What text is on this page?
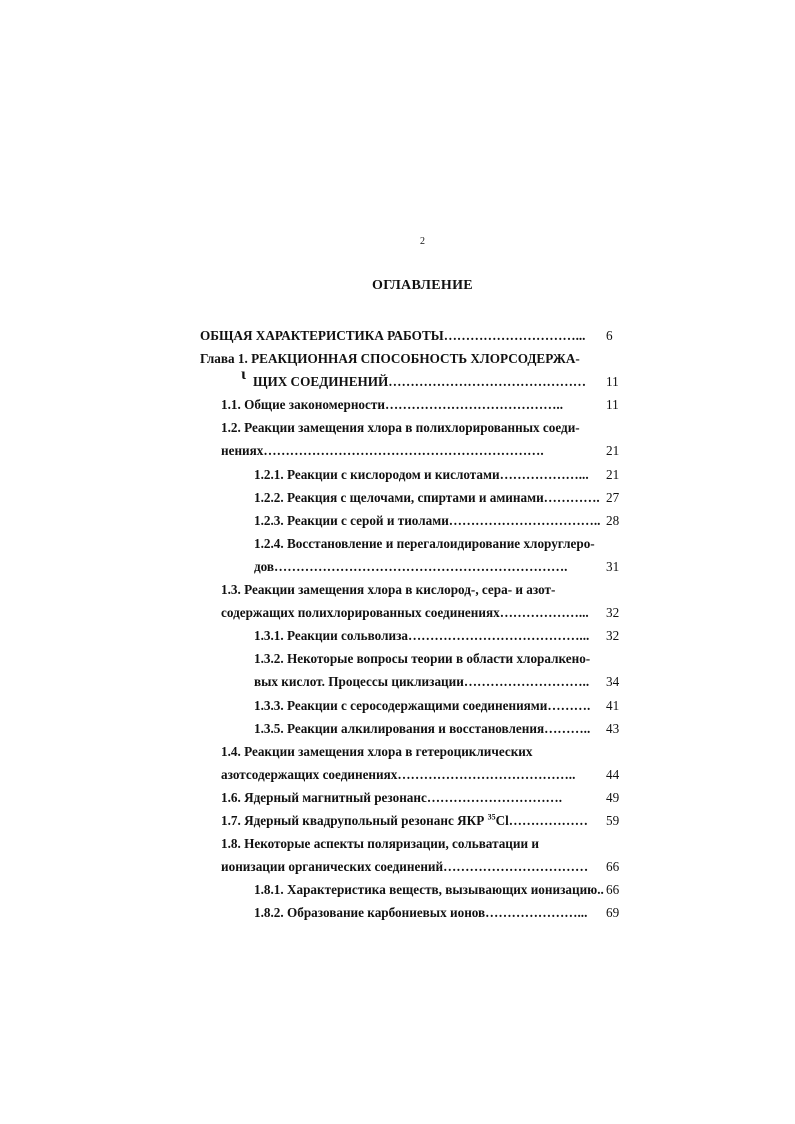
2
ОГЛАВЛЕНИЕ
ɩ
ОБЩАЯ ХАРАКТЕРИСТИКА РАБОТЫ…………………………... 6
Глава 1. РЕАКЦИОННАЯ СПОСОБНОСТЬ ХЛОРСОДЕРЖА-
ЩИХ СОЕДИНЕНИЙ……………………………………… 11
1.1. Общие закономерности…………………………………..	11
1.2. Реакции замещения хлора в полихлорированных соеди-
нениях……………………………………………………….	21
1.2.1. Реакции с кислородом и кислотами………………... 21
1.2.2. Реакция с щелочами, спиртами и аминами…………. 27
1.2.3. Реакции с серой и тиолами…………………………….. 28
1.2.4. Восстановление и перегалоидирование хлоруглеро-
дов………………………………………………………….	31
1.3. Реакции замещения хлора в кислород-, сера- и азот-
содержащих полихлорированных соединениях………………... 32
1.3.1. Реакции сольволиза…………………………………... 32
1.3.2. Некоторые вопросы теории в области хлоралкено-
вых кислот. Процессы циклизации……………………….. 34
1.3.3. Реакции с серосодержащими соединениями………. 41
1.3.5. Реакции алкилирования и восстановления……….. 43
1.4. Реакции замещения хлора в гетероциклических
азотсодержащих соединениях………………………………….. 44
1.6. Ядерный магнитный резонанс………………………….	49
1.7. Ядерный квадрупольный резонанс ЯКР $^{35}$Cl……………… 59
1.8. Некоторые аспекты поляризации, сольватации и
ионизации органических соединений…………………………… 66
1.8.1. Характеристика веществ, вызывающих ионизацию.. 66
1.8.2. Образование карбониевых ионов…………………... 69
